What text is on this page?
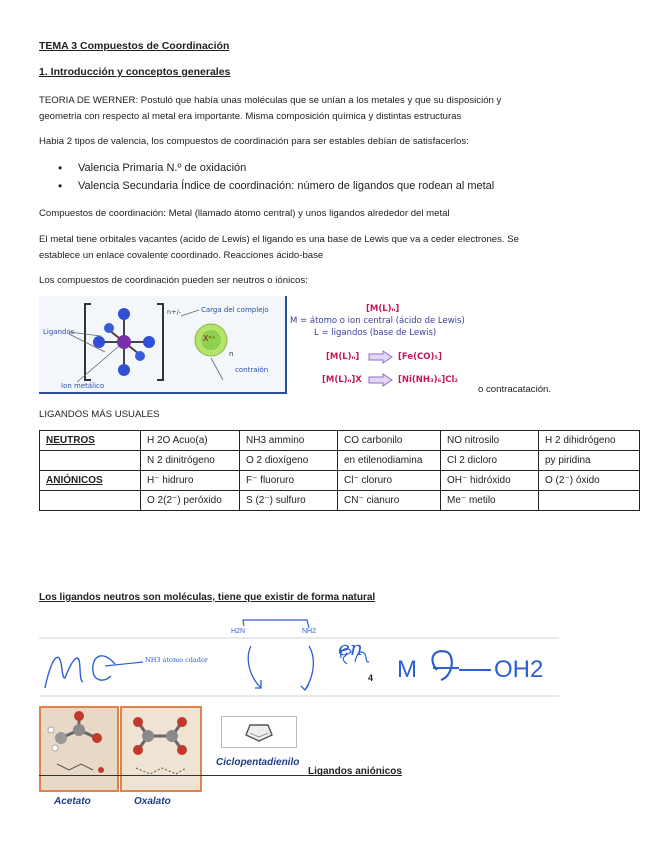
TEMA 3 Compuestos de Coordinación
1. Introducción y conceptos generales
TEORIA DE WERNER: Postuló que había unas moléculas que se unían a los metales y que su disposición y
geometria con respecto al metal era importante. Misma composición química y distintas estructuras
Habia 2 tipos de valencia, los compuestos de coordinación para ser estables debían de satisfacerlos:
• Valencia Primaria N.º de oxidación
• Valencia Secundaria Índice de coordinación: número de ligandos que rodean al metal
Compuestos de coordinación: Metal (llamado átomo central) y unos ligandos alrededor del metal
El metal tiene orbitales vacantes (acido de Lewis) el ligando es una base de Lewis que va a ceder electrones. Se
establece un enlace covalente coordinado. Reacciones ácido-base
Los compuestos de coordinación pueden ser neutros o iónicos:
Ligandos
Carga del complejo
n+/-
Xⁿ⁺
n
Ion metálico
contraión
[M(L)ₙ]
M = átomo o ion central (ácido de Lewis)
L = ligandos (base de Lewis)
[M(L)ₙ]	[Fe(CO)₅]
[M(L)ₙ]X	[Ni(NH₃)₆]Cl₂
o contracatación.
LIGANDOS MÁS USUALES
NEUTROS	H 2O Acuo(a)	NH3 ammino	CO carbonilo	NO nitrosilo	H 2 dihidrógeno
	N 2 dinitrógeno	O 2 dioxígeno	en etilenodiamina	Cl 2 dicloro	py piridina
ANIÓNICOS	H⁻ hidruro	F⁻ fluoruro	Cl⁻ cloruro	OH⁻ hidróxido	O (2⁻) óxido
	O 2(2⁻) peróxido	S (2⁻) sulfuro	CN⁻ cianuro	Me⁻ metilo	
Los ligandos neutros son moléculas, tiene que existir de forma natural
NH3 átomo cdador
H2N	NH2
en
4 M	OH2
Acetato	Oxalato
Ciclopentadienilo
Ligandos aniónicos
